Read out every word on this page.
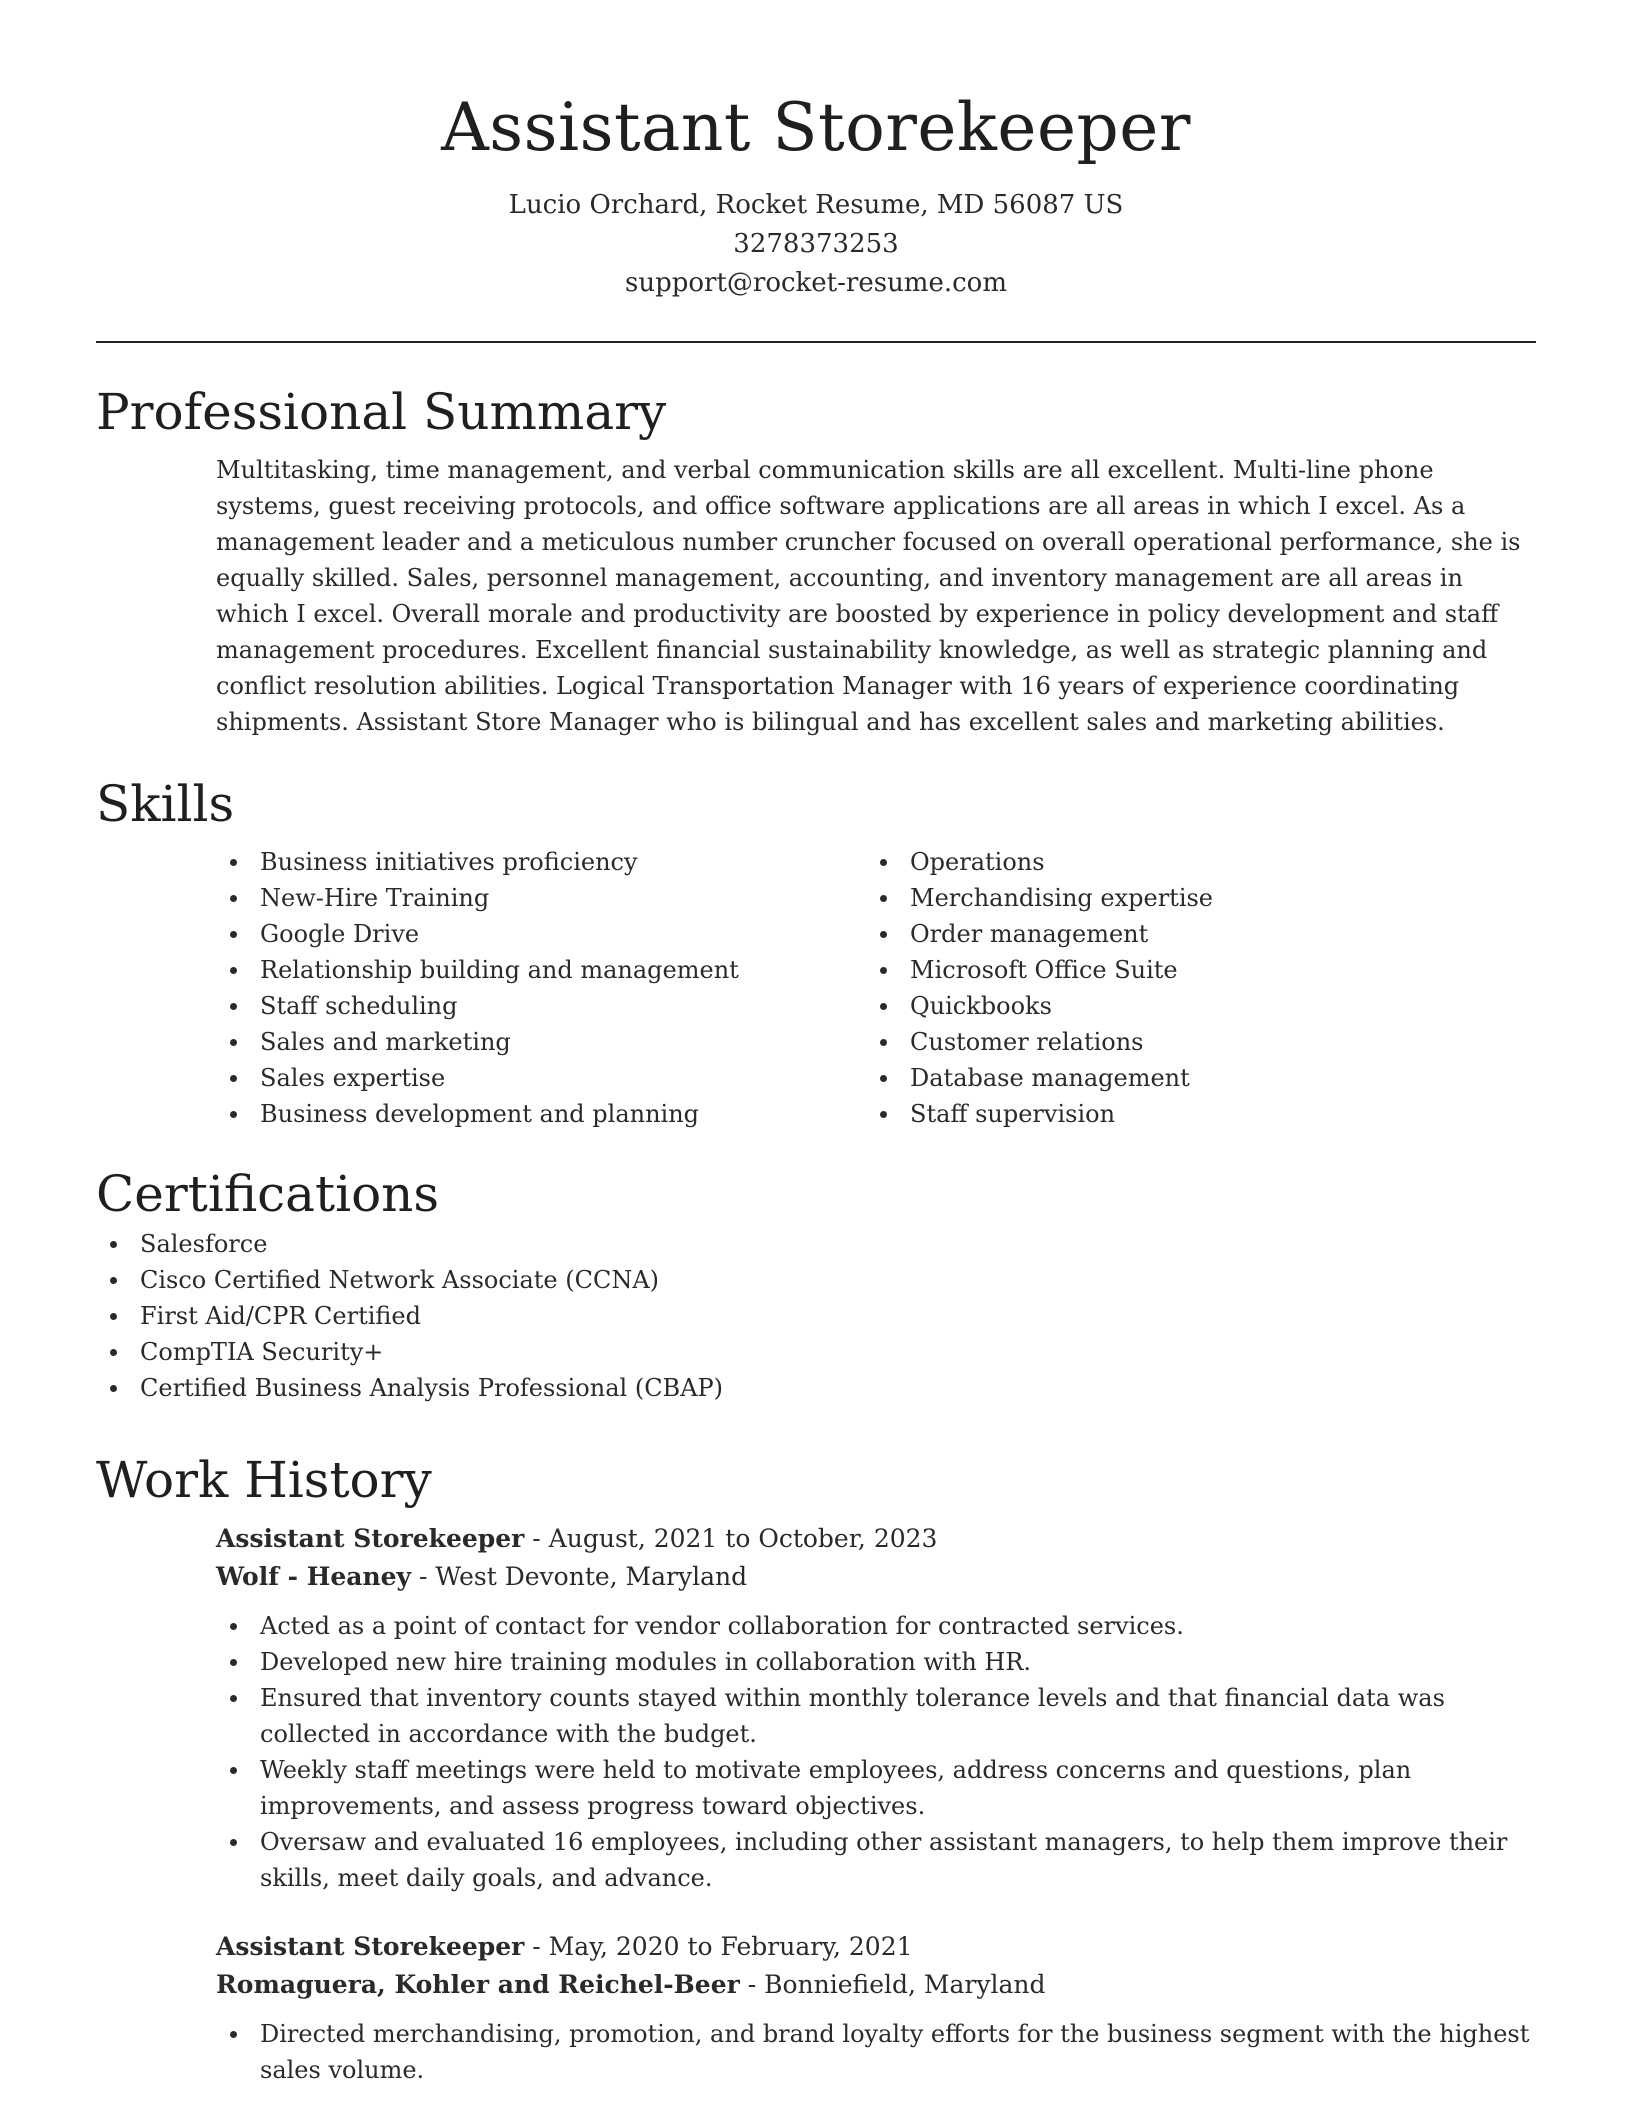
Assistant Storekeeper
Lucio Orchard, Rocket Resume, MD 56087 US
3278373253
support@rocket-resume.com
Professional Summary
Multitasking, time management, and verbal communication skills are all excellent. Multi-line phone systems, guest receiving protocols, and office software applications are all areas in which I excel. As a management leader and a meticulous number cruncher focused on overall operational performance, she is equally skilled. Sales, personnel management, accounting, and inventory management are all areas in which I excel. Overall morale and productivity are boosted by experience in policy development and staff management procedures. Excellent financial sustainability knowledge, as well as strategic planning and conflict resolution abilities. Logical Transportation Manager with 16 years of experience coordinating shipments. Assistant Store Manager who is bilingual and has excellent sales and marketing abilities.
Skills
Business initiatives proficiency
New-Hire Training
Google Drive
Relationship building and management
Staff scheduling
Sales and marketing
Sales expertise
Business development and planning
Operations
Merchandising expertise
Order management
Microsoft Office Suite
Quickbooks
Customer relations
Database management
Staff supervision
Certifications
Salesforce
Cisco Certified Network Associate (CCNA)
First Aid/CPR Certified
CompTIA Security+
Certified Business Analysis Professional (CBAP)
Work History
Assistant Storekeeper - August, 2021 to October, 2023
Wolf - Heaney - West Devonte, Maryland
Acted as a point of contact for vendor collaboration for contracted services.
Developed new hire training modules in collaboration with HR.
Ensured that inventory counts stayed within monthly tolerance levels and that financial data was collected in accordance with the budget.
Weekly staff meetings were held to motivate employees, address concerns and questions, plan improvements, and assess progress toward objectives.
Oversaw and evaluated 16 employees, including other assistant managers, to help them improve their skills, meet daily goals, and advance.
Assistant Storekeeper - May, 2020 to February, 2021
Romaguera, Kohler and Reichel-Beer - Bonniefield, Maryland
Directed merchandising, promotion, and brand loyalty efforts for the business segment with the highest sales volume.
